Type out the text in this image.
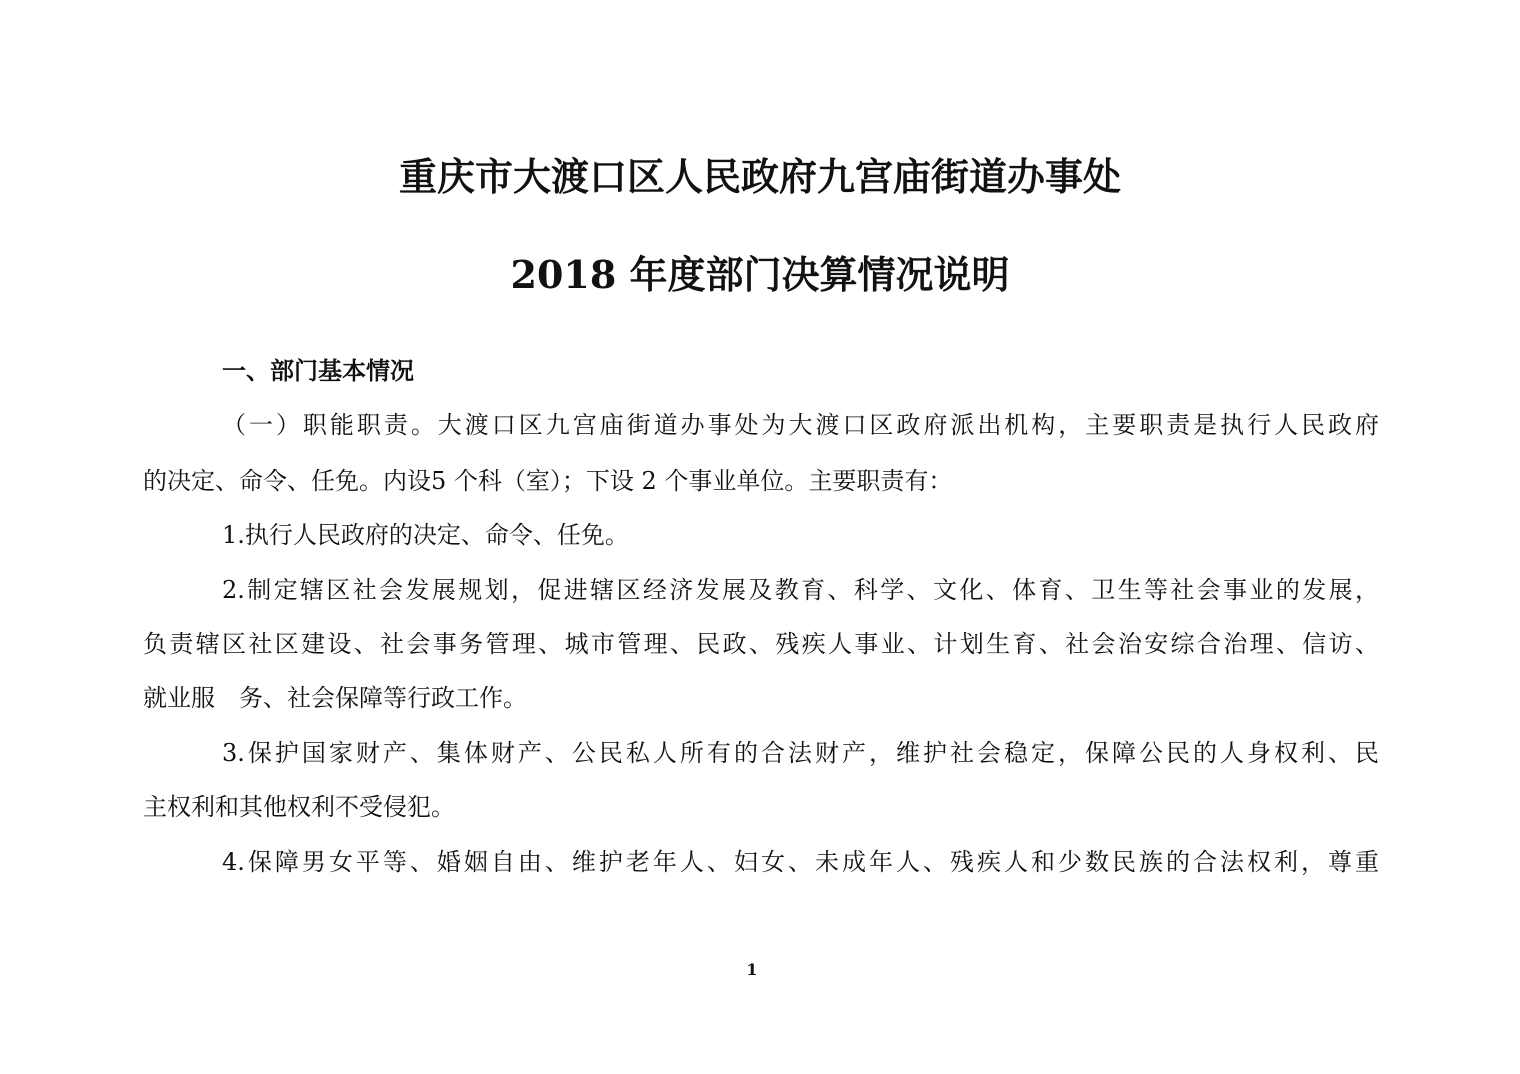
重庆市大渡口区人民政府九宫庙街道办事处
2018 年度部门决算情况说明
一、部门基本情况
（一）职能职责。大渡口区九宫庙街道办事处为大渡口区政府派出机构，主要职责是执行人民政府
的决定、命令、任免。内设5 个科（室）；下设 2 个事业单位。主要职责有：
1.执行人民政府的决定、命令、任免。
2.制定辖区社会发展规划，促进辖区经济发展及教育、科学、文化、体育、卫生等社会事业的发展，
负责辖区社区建设、社会事务管理、城市管理、民政、残疾人事业、计划生育、社会治安综合治理、信访、
就业服　务、社会保障等行政工作。
3.保护国家财产、集体财产、公民私人所有的合法财产，维护社会稳定，保障公民的人身权利、民
主权利和其他权利不受侵犯。
4.保障男女平等、婚姻自由、维护老年人、妇女、未成年人、残疾人和少数民族的合法权利，尊重
1
